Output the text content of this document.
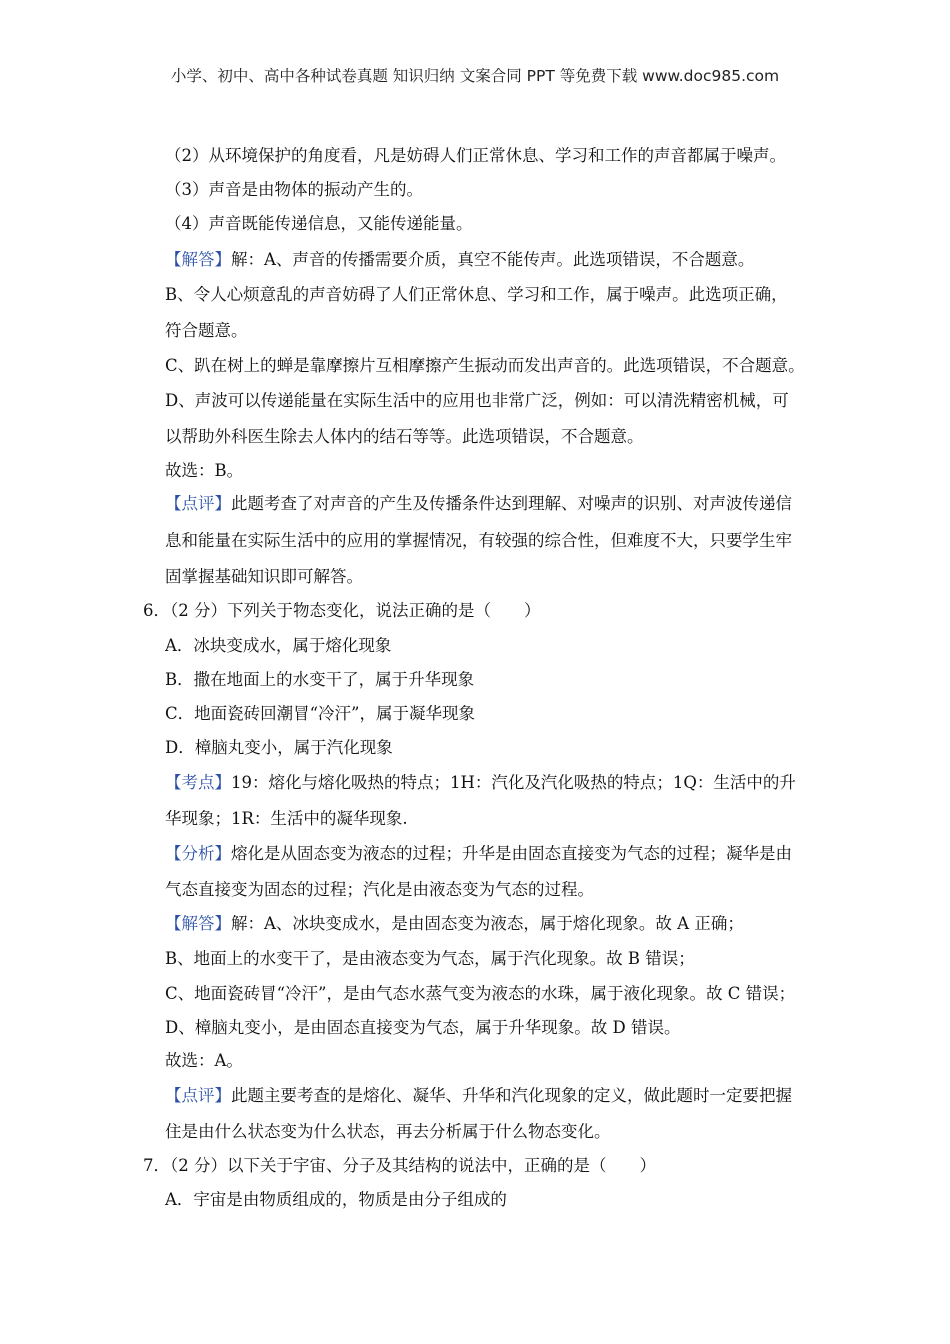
小学、初中、高中各种试卷真题 知识归纳 文案合同 PPT 等免费下载 www.doc985.com
（2）从环境保护的角度看，凡是妨碍人们正常休息、学习和工作的声音都属于噪声。
（3）声音是由物体的振动产生的。
（4）声音既能传递信息，又能传递能量。
【解答】解：A、声音的传播需要介质，真空不能传声。此选项错误，不合题意。
B、令人心烦意乱的声音妨碍了人们正常休息、学习和工作，属于噪声。此选项正确，
符合题意。
C、趴在树上的蝉是靠摩擦片互相摩擦产生振动而发出声音的。此选项错误，不合题意。
D、声波可以传递能量在实际生活中的应用也非常广泛，例如：可以清洗精密机械，可
以帮助外科医生除去人体内的结石等等。此选项错误，不合题意。
故选：B。
【点评】此题考查了对声音的产生及传播条件达到理解、对噪声的识别、对声波传递信
息和能量在实际生活中的应用的掌握情况，有较强的综合性，但难度不大，只要学生牢
固掌握基础知识即可解答。
6．（2 分）下列关于物态变化，说法正确的是（　　）
A．冰块变成水，属于熔化现象
B．撒在地面上的水变干了，属于升华现象
C．地面瓷砖回潮冒“冷汗”，属于凝华现象
D．樟脑丸变小，属于汽化现象
【考点】19：熔化与熔化吸热的特点；1H：汽化及汽化吸热的特点；1Q：生活中的升
华现象；1R：生活中的凝华现象.
【分析】熔化是从固态变为液态的过程；升华是由固态直接变为气态的过程；凝华是由
气态直接变为固态的过程；汽化是由液态变为气态的过程。
【解答】解：A、冰块变成水，是由固态变为液态，属于熔化现象。故 A 正确；
B、地面上的水变干了，是由液态变为气态，属于汽化现象。故 B 错误；
C、地面瓷砖冒“冷汗”，是由气态水蒸气变为液态的水珠，属于液化现象。故 C 错误；
D、樟脑丸变小，是由固态直接变为气态，属于升华现象。故 D 错误。
故选：A。
【点评】此题主要考查的是熔化、凝华、升华和汽化现象的定义，做此题时一定要把握
住是由什么状态变为什么状态，再去分析属于什么物态变化。
7．（2 分）以下关于宇宙、分子及其结构的说法中，正确的是（　　）
A．宇宙是由物质组成的，物质是由分子组成的
